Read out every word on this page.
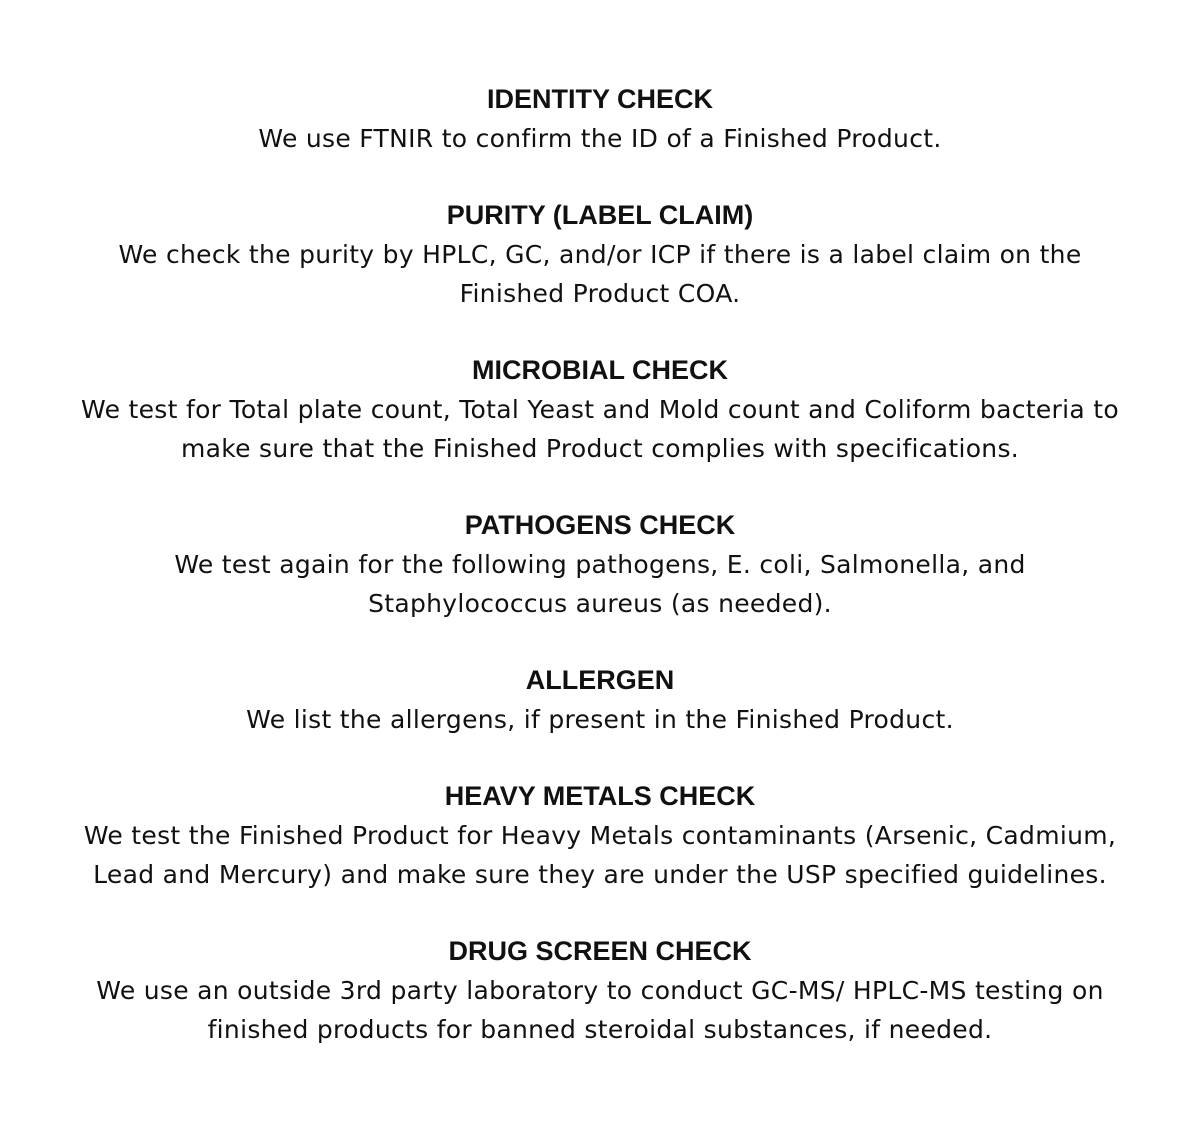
IDENTITY CHECK

We use FTNIR to confirm the ID of a Finished Product.

PURITY (LABEL CLAIM)

We check the purity by HPLC, GC, and/or ICP if there is a label claim on the
Finished Product COA.

MICROBIAL CHECK

We test for Total plate count, Total Yeast and Mold count and Coliform bacteria to
make sure that the Finished Product complies with specifications.

PATHOGENS CHECK

We test again for the following pathogens, E. coli, Salmonella, and
Staphylococcus aureus (as needed).

ALLERGEN

We list the allergens, if present in the Finished Product.

HEAVY METALS CHECK

We test the Finished Product for Heavy Metals contaminants (Arsenic, Cadmium,
Lead and Mercury) and make sure they are under the USP specified guidelines.

DRUG SCREEN CHECK

We use an outside 3rd party laboratory to conduct GC-MS/ HPLC-MS testing on
finished products for banned steroidal substances, if needed.
